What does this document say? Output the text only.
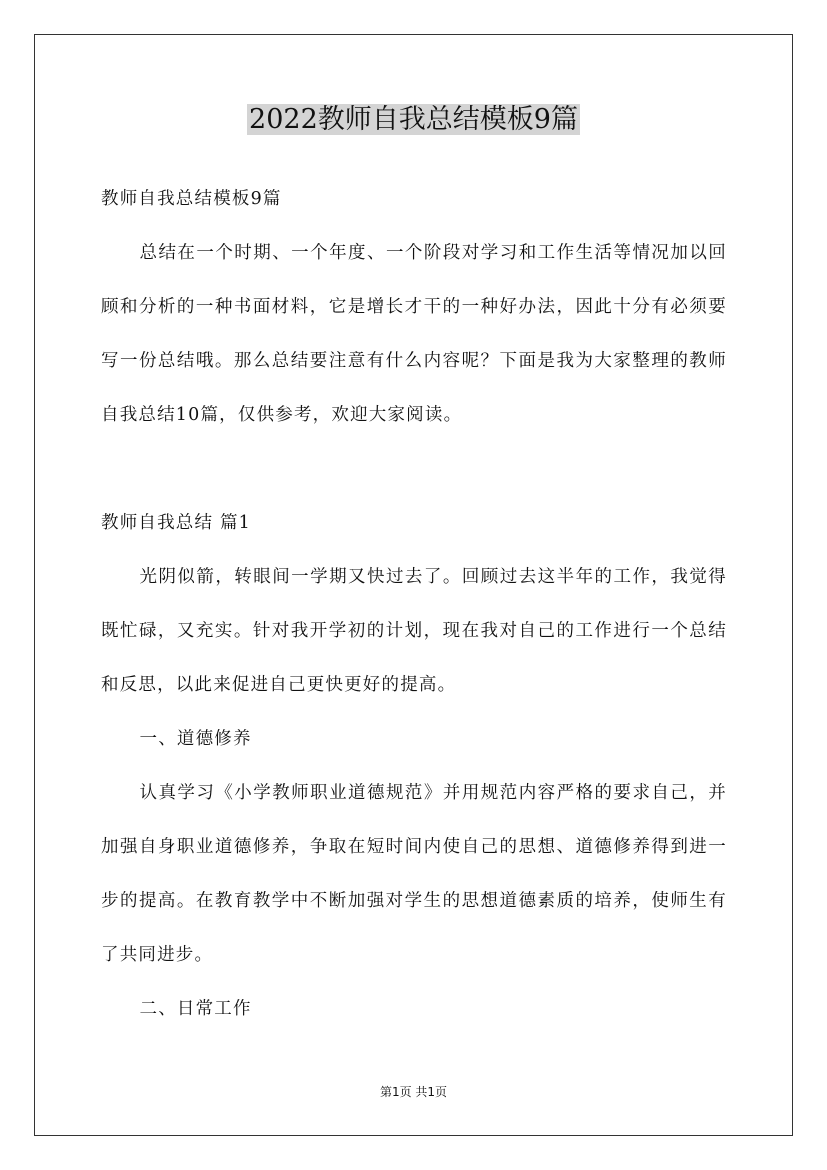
2022教师自我总结模板9篇

教师自我总结模板9篇

总结在一个时期、一个年度、一个阶段对学习和工作生活等情况加以回顾和分析的一种书面材料，它是增长才干的一种好办法，因此十分有必须要写一份总结哦。那么总结要注意有什么内容呢？下面是我为大家整理的教师自我总结10篇，仅供参考，欢迎大家阅读。

教师自我总结 篇1

光阴似箭，转眼间一学期又快过去了。回顾过去这半年的工作，我觉得既忙碌，又充实。针对我开学初的计划，现在我对自己的工作进行一个总结和反思，以此来促进自己更快更好的提高。

一、道德修养

认真学习《小学教师职业道德规范》并用规范内容严格的要求自己，并加强自身职业道德修养，争取在短时间内使自己的思想、道德修养得到进一步的提高。在教育教学中不断加强对学生的思想道德素质的培养，使师生有了共同进步。

二、日常工作

第1页 共1页
